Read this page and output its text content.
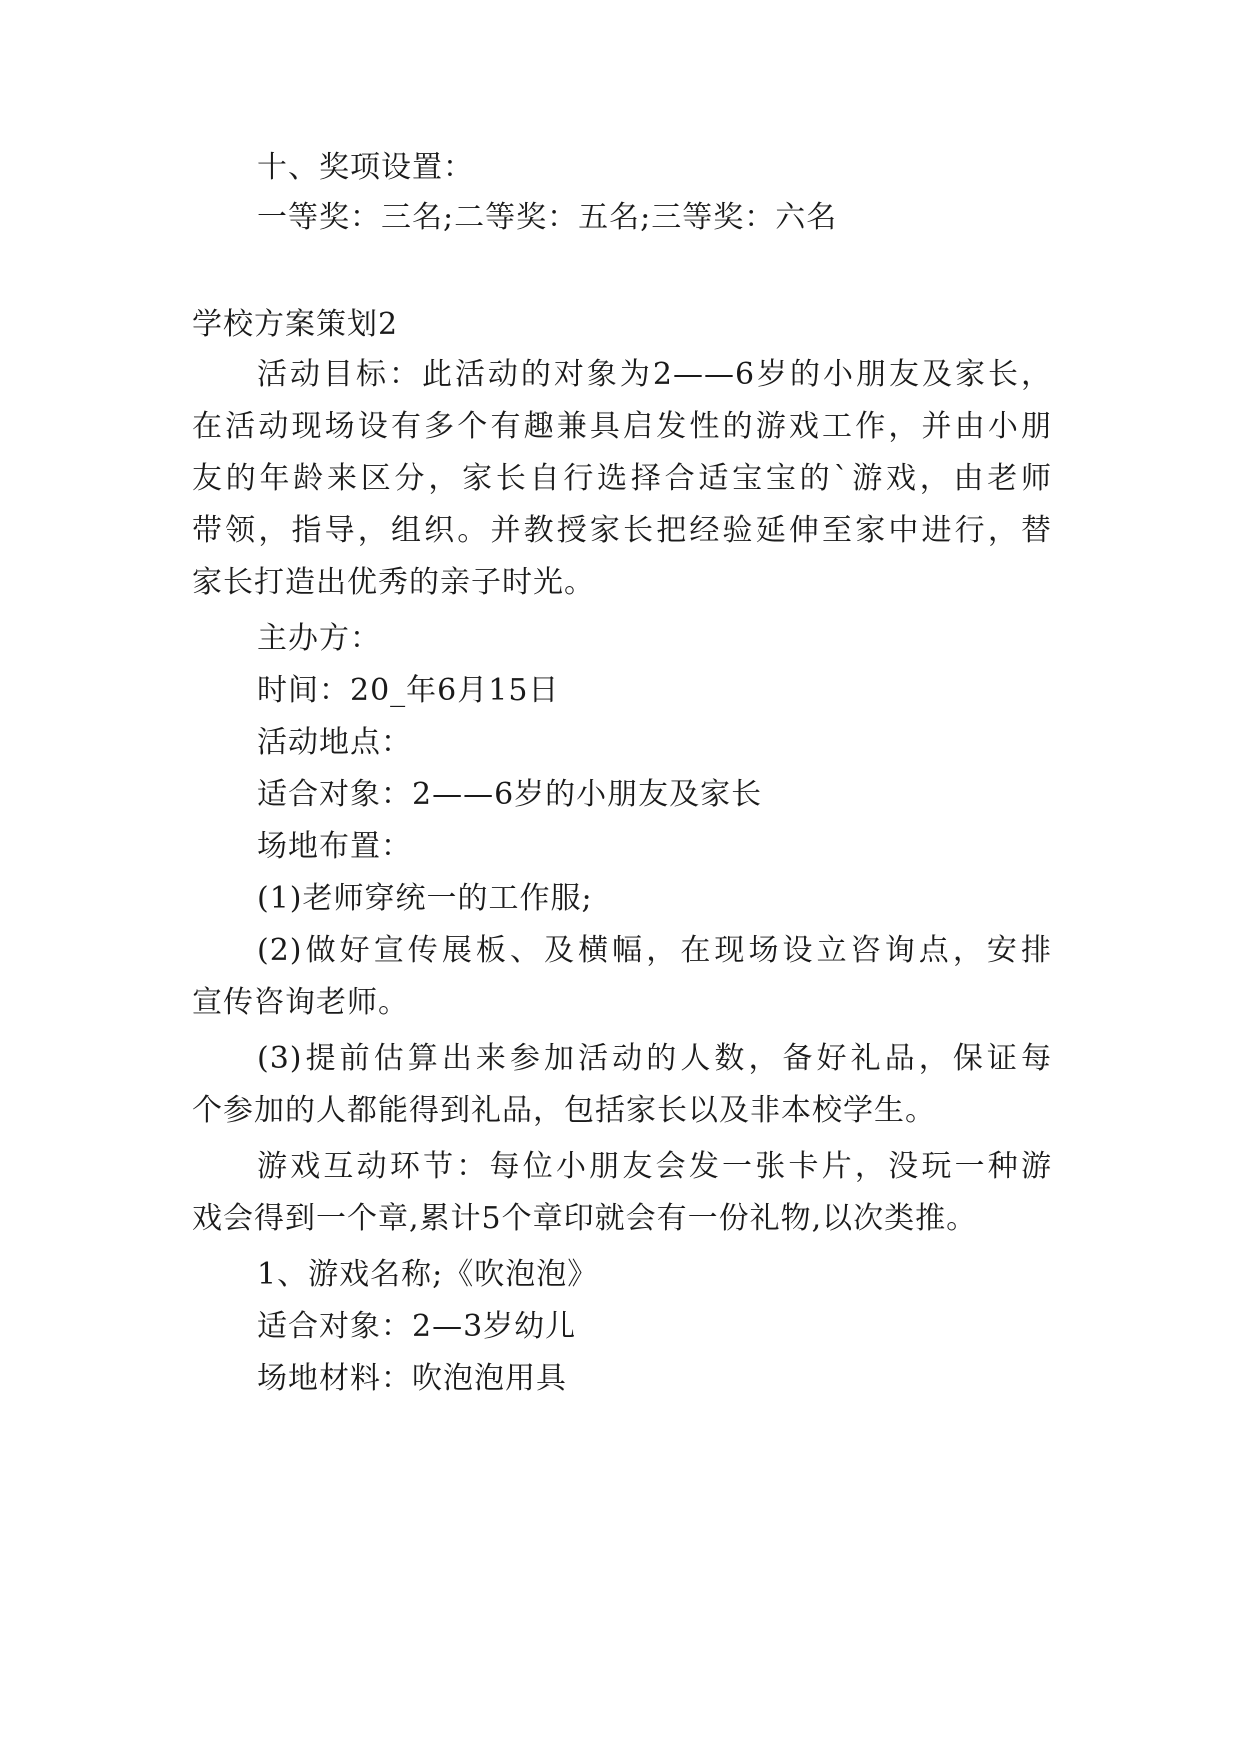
十、奖项设置：
一等奖：三名;二等奖：五名;三等奖：六名
学校方案策划2
活动目标：此活动的对象为2——6岁的小朋友及家长，
在活动现场设有多个有趣兼具启发性的游戏工作，并由小朋
友的年龄来区分，家长自行选择合适宝宝的`游戏，由老师
带领，指导，组织。并教授家长把经验延伸至家中进行，替
家长打造出优秀的亲子时光。
主办方：
时间：20_年6月15日
活动地点：
适合对象：2——6岁的小朋友及家长
场地布置：
(1)老师穿统一的工作服;
(2)做好宣传展板、及横幅，在现场设立咨询点，安排
宣传咨询老师。
(3)提前估算出来参加活动的人数，备好礼品，保证每
个参加的人都能得到礼品，包括家长以及非本校学生。
游戏互动环节：每位小朋友会发一张卡片，没玩一种游
戏会得到一个章,累计5个章印就会有一份礼物,以次类推。
1、游戏名称;《吹泡泡》
适合对象：2—3岁幼儿
场地材料：吹泡泡用具
